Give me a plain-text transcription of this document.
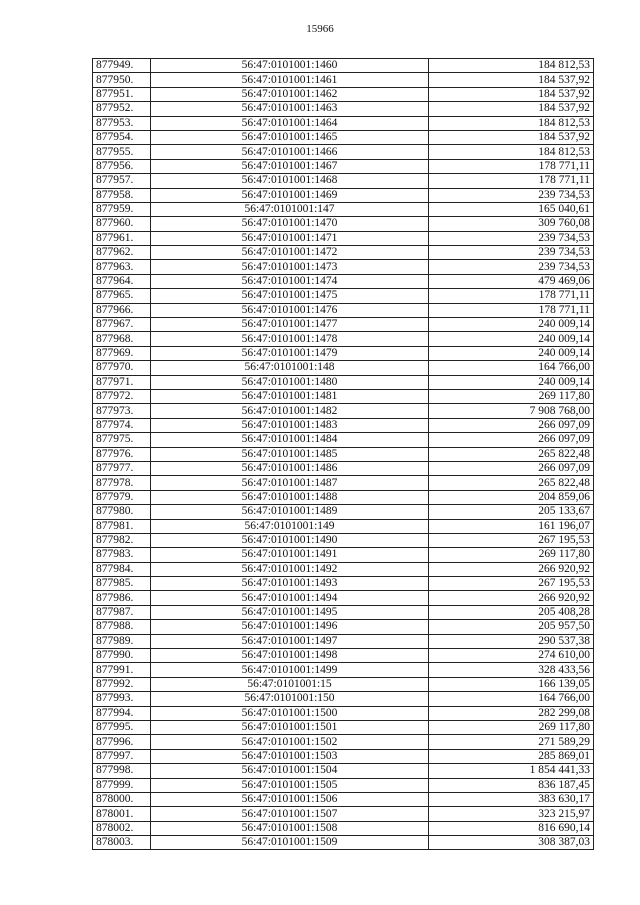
15966
877949.	56:47:0101001:1460	184 812,53
877950.	56:47:0101001:1461	184 537,92
877951.	56:47:0101001:1462	184 537,92
877952.	56:47:0101001:1463	184 537,92
877953.	56:47:0101001:1464	184 812,53
877954.	56:47:0101001:1465	184 537,92
877955.	56:47:0101001:1466	184 812,53
877956.	56:47:0101001:1467	178 771,11
877957.	56:47:0101001:1468	178 771,11
877958.	56:47:0101001:1469	239 734,53
877959.	56:47:0101001:147	165 040,61
877960.	56:47:0101001:1470	309 760,08
877961.	56:47:0101001:1471	239 734,53
877962.	56:47:0101001:1472	239 734,53
877963.	56:47:0101001:1473	239 734,53
877964.	56:47:0101001:1474	479 469,06
877965.	56:47:0101001:1475	178 771,11
877966.	56:47:0101001:1476	178 771,11
877967.	56:47:0101001:1477	240 009,14
877968.	56:47:0101001:1478	240 009,14
877969.	56:47:0101001:1479	240 009,14
877970.	56:47:0101001:148	164 766,00
877971.	56:47:0101001:1480	240 009,14
877972.	56:47:0101001:1481	269 117,80
877973.	56:47:0101001:1482	7 908 768,00
877974.	56:47:0101001:1483	266 097,09
877975.	56:47:0101001:1484	266 097,09
877976.	56:47:0101001:1485	265 822,48
877977.	56:47:0101001:1486	266 097,09
877978.	56:47:0101001:1487	265 822,48
877979.	56:47:0101001:1488	204 859,06
877980.	56:47:0101001:1489	205 133,67
877981.	56:47:0101001:149	161 196,07
877982.	56:47:0101001:1490	267 195,53
877983.	56:47:0101001:1491	269 117,80
877984.	56:47:0101001:1492	266 920,92
877985.	56:47:0101001:1493	267 195,53
877986.	56:47:0101001:1494	266 920,92
877987.	56:47:0101001:1495	205 408,28
877988.	56:47:0101001:1496	205 957,50
877989.	56:47:0101001:1497	290 537,38
877990.	56:47:0101001:1498	274 610,00
877991.	56:47:0101001:1499	328 433,56
877992.	56:47:0101001:15	166 139,05
877993.	56:47:0101001:150	164 766,00
877994.	56:47:0101001:1500	282 299,08
877995.	56:47:0101001:1501	269 117,80
877996.	56:47:0101001:1502	271 589,29
877997.	56:47:0101001:1503	285 869,01
877998.	56:47:0101001:1504	1 854 441,33
877999.	56:47:0101001:1505	836 187,45
878000.	56:47:0101001:1506	383 630,17
878001.	56:47:0101001:1507	323 215,97
878002.	56:47:0101001:1508	816 690,14
878003.	56:47:0101001:1509	308 387,03
